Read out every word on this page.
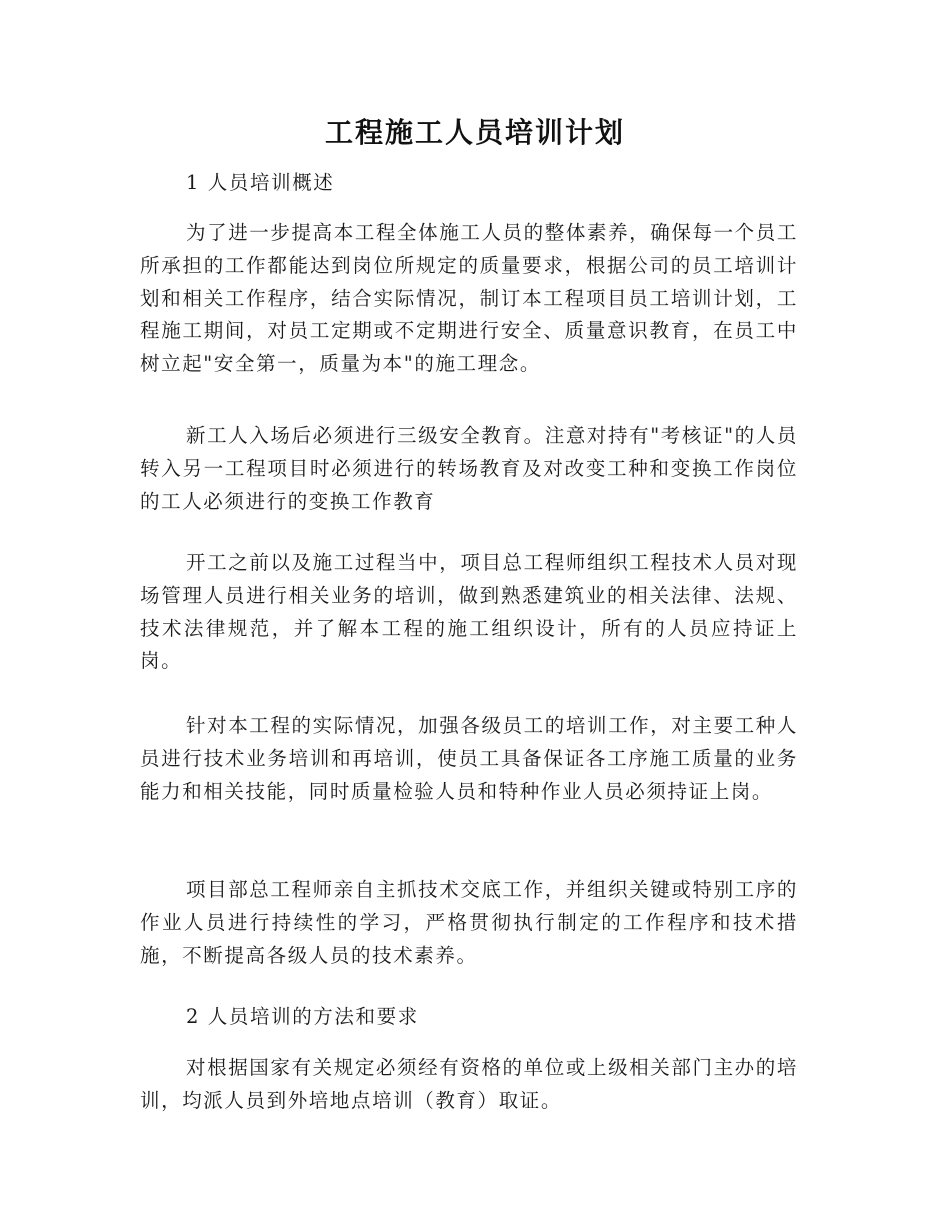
工程施工人员培训计划
1 人员培训概述
为了进一步提高本工程全体施工人员的整体素养，确保每一个员工所承担的工作都能达到岗位所规定的质量要求，根据公司的员工培训计划和相关工作程序，结合实际情况，制订本工程项目员工培训计划，工程施工期间，对员工定期或不定期进行安全、质量意识教育，在员工中树立起"安全第一，质量为本"的施工理念。
新工人入场后必须进行三级安全教育。注意对持有"考核证"的人员转入另一工程项目时必须进行的转场教育及对改变工种和变换工作岗位的工人必须进行的变换工作教育
开工之前以及施工过程当中，项目总工程师组织工程技术人员对现场管理人员进行相关业务的培训，做到熟悉建筑业的相关法律、法规、技术法律规范，并了解本工程的施工组织设计，所有的人员应持证上岗。
针对本工程的实际情况，加强各级员工的培训工作，对主要工种人员进行技术业务培训和再培训，使员工具备保证各工序施工质量的业务能力和相关技能，同时质量检验人员和特种作业人员必须持证上岗。
项目部总工程师亲自主抓技术交底工作，并组织关键或特别工序的作业人员进行持续性的学习，严格贯彻执行制定的工作程序和技术措施，不断提高各级人员的技术素养。
2 人员培训的方法和要求
对根据国家有关规定必须经有资格的单位或上级相关部门主办的培训，均派人员到外培地点培训（教育）取证。
